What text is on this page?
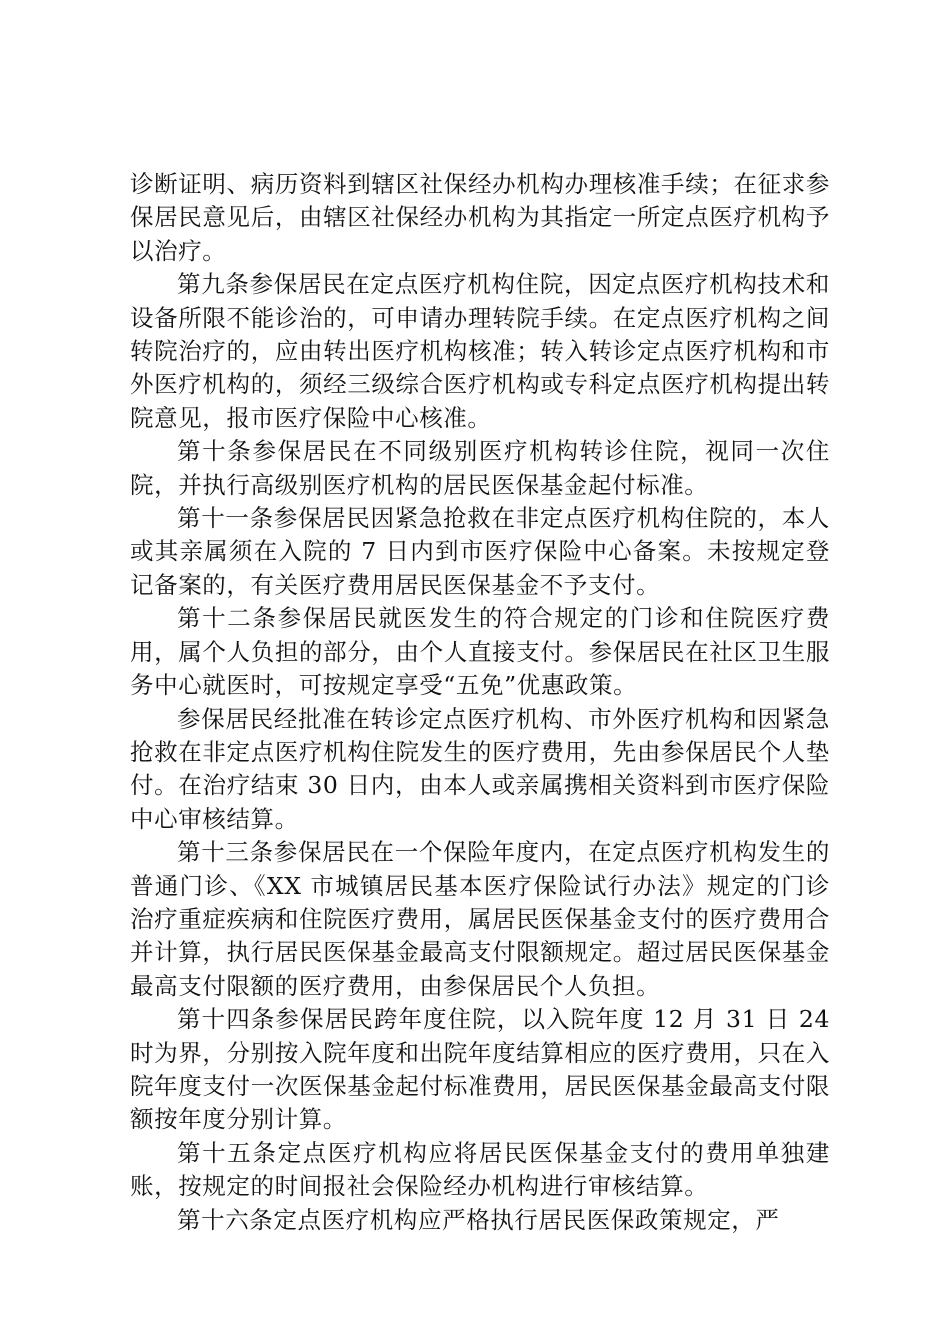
诊断证明、病历资料到辖区社保经办机构办理核准手续；在征求参保居民意见后，由辖区社保经办机构为其指定一所定点医疗机构予以治疗。

第九条参保居民在定点医疗机构住院，因定点医疗机构技术和设备所限不能诊治的，可申请办理转院手续。在定点医疗机构之间转院治疗的，应由转出医疗机构核准；转入转诊定点医疗机构和市外医疗机构的，须经三级综合医疗机构或专科定点医疗机构提出转院意见，报市医疗保险中心核准。

第十条参保居民在不同级别医疗机构转诊住院，视同一次住院，并执行高级别医疗机构的居民医保基金起付标准。

第十一条参保居民因紧急抢救在非定点医疗机构住院的，本人或其亲属须在入院的 7 日内到市医疗保险中心备案。未按规定登记备案的，有关医疗费用居民医保基金不予支付。

第十二条参保居民就医发生的符合规定的门诊和住院医疗费用，属个人负担的部分，由个人直接支付。参保居民在社区卫生服务中心就医时，可按规定享受“五免”优惠政策。

参保居民经批准在转诊定点医疗机构、市外医疗机构和因紧急抢救在非定点医疗机构住院发生的医疗费用，先由参保居民个人垫付。在治疗结束 30 日内，由本人或亲属携相关资料到市医疗保险中心审核结算。

第十三条参保居民在一个保险年度内，在定点医疗机构发生的普通门诊、《XX 市城镇居民基本医疗保险试行办法》规定的门诊治疗重症疾病和住院医疗费用，属居民医保基金支付的医疗费用合并计算，执行居民医保基金最高支付限额规定。超过居民医保基金最高支付限额的医疗费用，由参保居民个人负担。

第十四条参保居民跨年度住院，以入院年度 12 月 31 日 24 时为界，分别按入院年度和出院年度结算相应的医疗费用，只在入院年度支付一次医保基金起付标准费用，居民医保基金最高支付限额按年度分别计算。

第十五条定点医疗机构应将居民医保基金支付的费用单独建账，按规定的时间报社会保险经办机构进行审核结算。

第十六条定点医疗机构应严格执行居民医保政策规定，严
